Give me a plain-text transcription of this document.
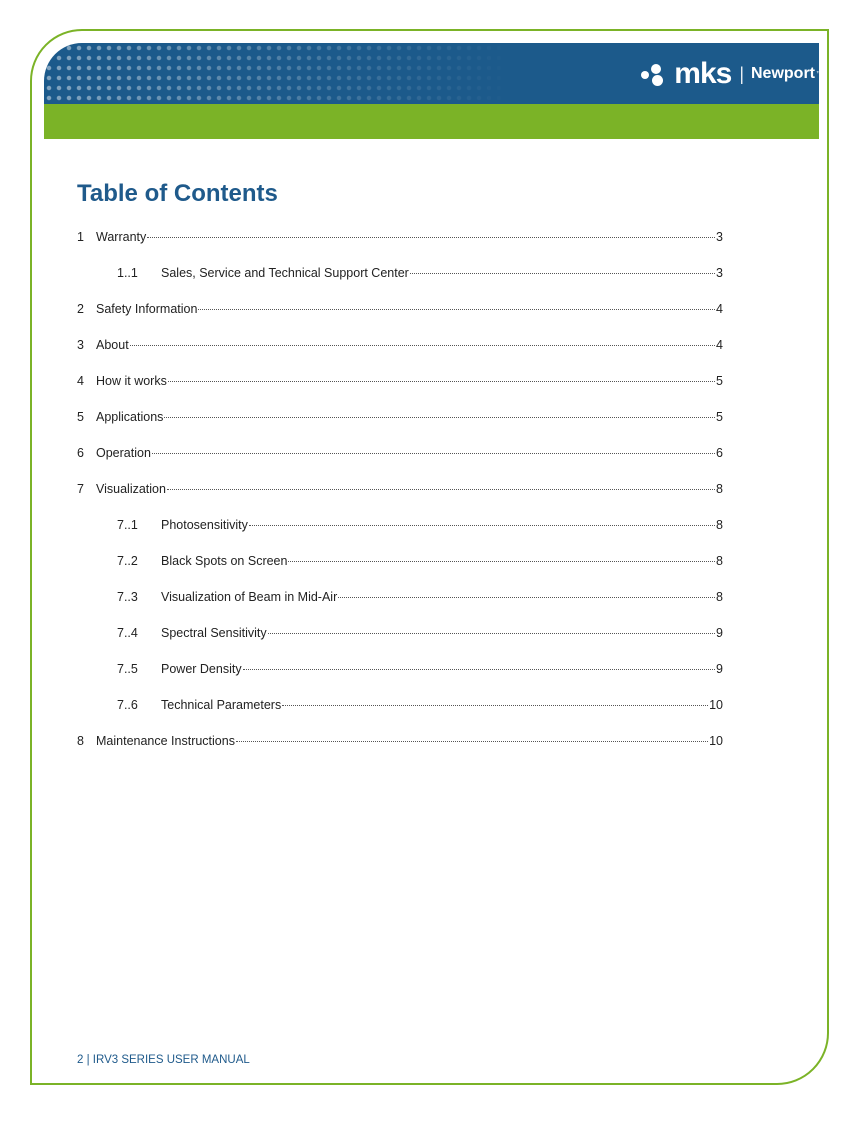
mks | Newport ™
Table of Contents
1 Warranty	3
1..1	Sales, Service and Technical Support Center	3
2 Safety Information	4
3 About	4
4 How it works	5
5 Applications	5
6 Operation	6
7 Visualization	8
7..1	Photosensitivity	8
7..2	Black Spots on Screen	8
7..3	Visualization of Beam in Mid-Air	8
7..4	Spectral Sensitivity	9
7..5	Power Density	9
7..6	Technical Parameters	10
8 Maintenance Instructions	10
2 | IRV3 SERIES USER MANUAL
